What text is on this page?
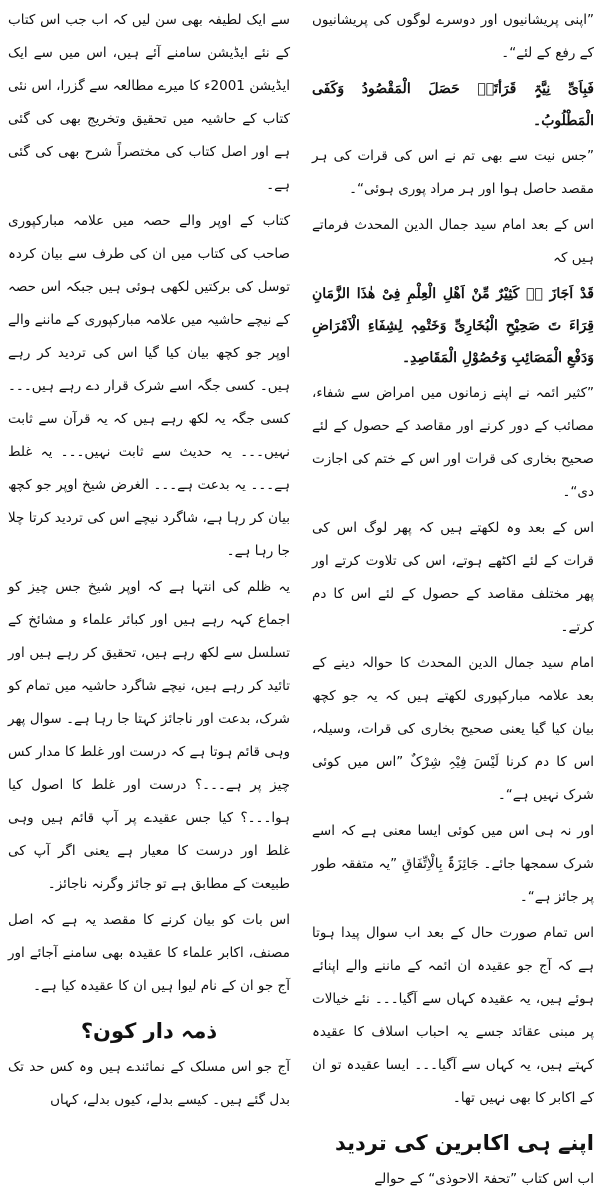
”اپنی پریشانیوں اور دوسرے لوگوں کی پریشانیوں کے رفع کے لئے“۔

فَبِاَیِّ نِیَّۃٍ قَرَأتَہٗ حَصَلَ الْمَقْصُودُ وَکَفَی الْمَطْلُوبُ۔

”جس نیت سے بھی تم نے اس کی قرات کی ہر مقصد حاصل ہوا اور ہر مراد پوری ہوئی“۔

اس کے بعد امام سید جمال الدین المحدث فرماتے ہیں کہ

قَدْ اَجَازَ ہٗ کَثِیْرٌ مِّنْ اَھْلِ الْعِلْمِ فِیْ ھٰذَا الزَّمَانِ قِرَاءَ تَ صَحِیْحِ الْبُخَارِیِّ وَخَتْمِہٖ لِشِفَاءِ الْاَمْرَاضِ وَدَفْعِ الْمَصَائِبِ وَحُصُوْلِ الْمَقَاصِدِ۔

”کثیر ائمہ نے اپنے زمانوں میں امراض سے شفاء، مصائب کے دور کرنے اور مقاصد کے حصول کے لئے صحیح بخاری کی قرات اور اس کے ختم کی اجازت دی“۔

اس کے بعد وہ لکھتے ہیں کہ پھر لوگ اس کی قرات کے لئے اکٹھے ہوتے، اس کی تلاوت کرتے اور پھر مختلف مقاصد کے حصول کے لئے اس کا دم کرتے۔

امام سید جمال الدین المحدث کا حوالہ دینے کے بعد علامہ مبارکپوری لکھتے ہیں کہ یہ جو کچھ بیان کیا گیا یعنی صحیح بخاری کی قرات، وسیلہ، اس کا دم کرنا لَیْسَ فِیْہِ شِرْکٌ ”اس میں کوئی شرک نہیں ہے“۔

اور نہ ہی اس میں کوئی ایسا معنی ہے کہ اسے شرک سمجھا جائے۔ جَائِزَۃٌ بِالْاِتِّفَاقِ ”یہ متفقہ طور پر جائز ہے“۔

اس تمام صورت حال کے بعد اب سوال پیدا ہوتا ہے کہ آج جو عقیدہ ان ائمہ کے ماننے والے اپنائے ہوئے ہیں، یہ عقیدہ کہاں سے آگیا۔۔۔ نئے خیالات پر مبنی عقائد جسے یہ احباب اسلاف کا عقیدہ کہتے ہیں، یہ کہاں سے آگیا۔۔۔ ایسا عقیدہ تو ان کے اکابر کا بھی نہیں تھا۔

اپنے ہی اکابرین کی تردید

اب اس کتاب ”تحفۃ الاحوذی“ کے حوالے

سے ایک لطیفہ بھی سن لیں کہ اب جب اس کتاب کے نئے ایڈیشن سامنے آئے ہیں، اس میں سے ایک ایڈیشن 2001ء کا میرے مطالعہ سے گزرا، اس نئی کتاب کے حاشیہ میں تحقیق وتخریج بھی کی گئی ہے اور اصل کتاب کی مختصراً شرح بھی کی گئی ہے۔

کتاب کے اوپر والے حصہ میں علامہ مبارکپوری صاحب کی کتاب میں ان کی طرف سے بیان کردہ توسل کی برکتیں لکھی ہوئی ہیں جبکہ اس حصہ کے نیچے حاشیہ میں علامہ مبارکپوری کے ماننے والے اوپر جو کچھ بیان کیا گیا اس کی تردید کر رہے ہیں۔ کسی جگہ اسے شرک قرار دے رہے ہیں۔۔۔ کسی جگہ یہ لکھ رہے ہیں کہ یہ قرآن سے ثابت نہیں۔۔۔ یہ حدیث سے ثابت نہیں۔۔۔ یہ غلط ہے۔۔۔ یہ بدعت ہے۔۔۔ الغرض شیخ اوپر جو کچھ بیان کر رہا ہے، شاگرد نیچے اس کی تردید کرتا چلا جا رہا ہے۔

یہ ظلم کی انتہا ہے کہ اوپر شیخ جس چیز کو اجماع کہہ رہے ہیں اور کبائر علماء و مشائخ کے تسلسل سے لکھ رہے ہیں، تحقیق کر رہے ہیں اور تائید کر رہے ہیں، نیچے شاگرد حاشیہ میں تمام کو شرک، بدعت اور ناجائز کہتا جا رہا ہے۔ سوال پھر وہی قائم ہوتا ہے کہ درست اور غلط کا مدار کس چیز پر ہے۔۔۔؟ درست اور غلط کا اصول کیا ہوا۔۔۔؟ کیا جس عقیدے پر آپ قائم ہیں وہی غلط اور درست کا معیار ہے یعنی اگر آپ کی طبیعت کے مطابق ہے تو جائز وگرنہ ناجائز۔

اس بات کو بیان کرنے کا مقصد یہ ہے کہ اصل مصنف، اکابر علماء کا عقیدہ بھی سامنے آجائے اور آج جو ان کے نام لیوا ہیں ان کا عقیدہ کیا ہے۔

ذمہ دار کون؟

آج جو اس مسلک کے نمائندے ہیں وہ کس حد تک بدل گئے ہیں۔ کیسے بدلے، کیوں بدلے، کہاں
